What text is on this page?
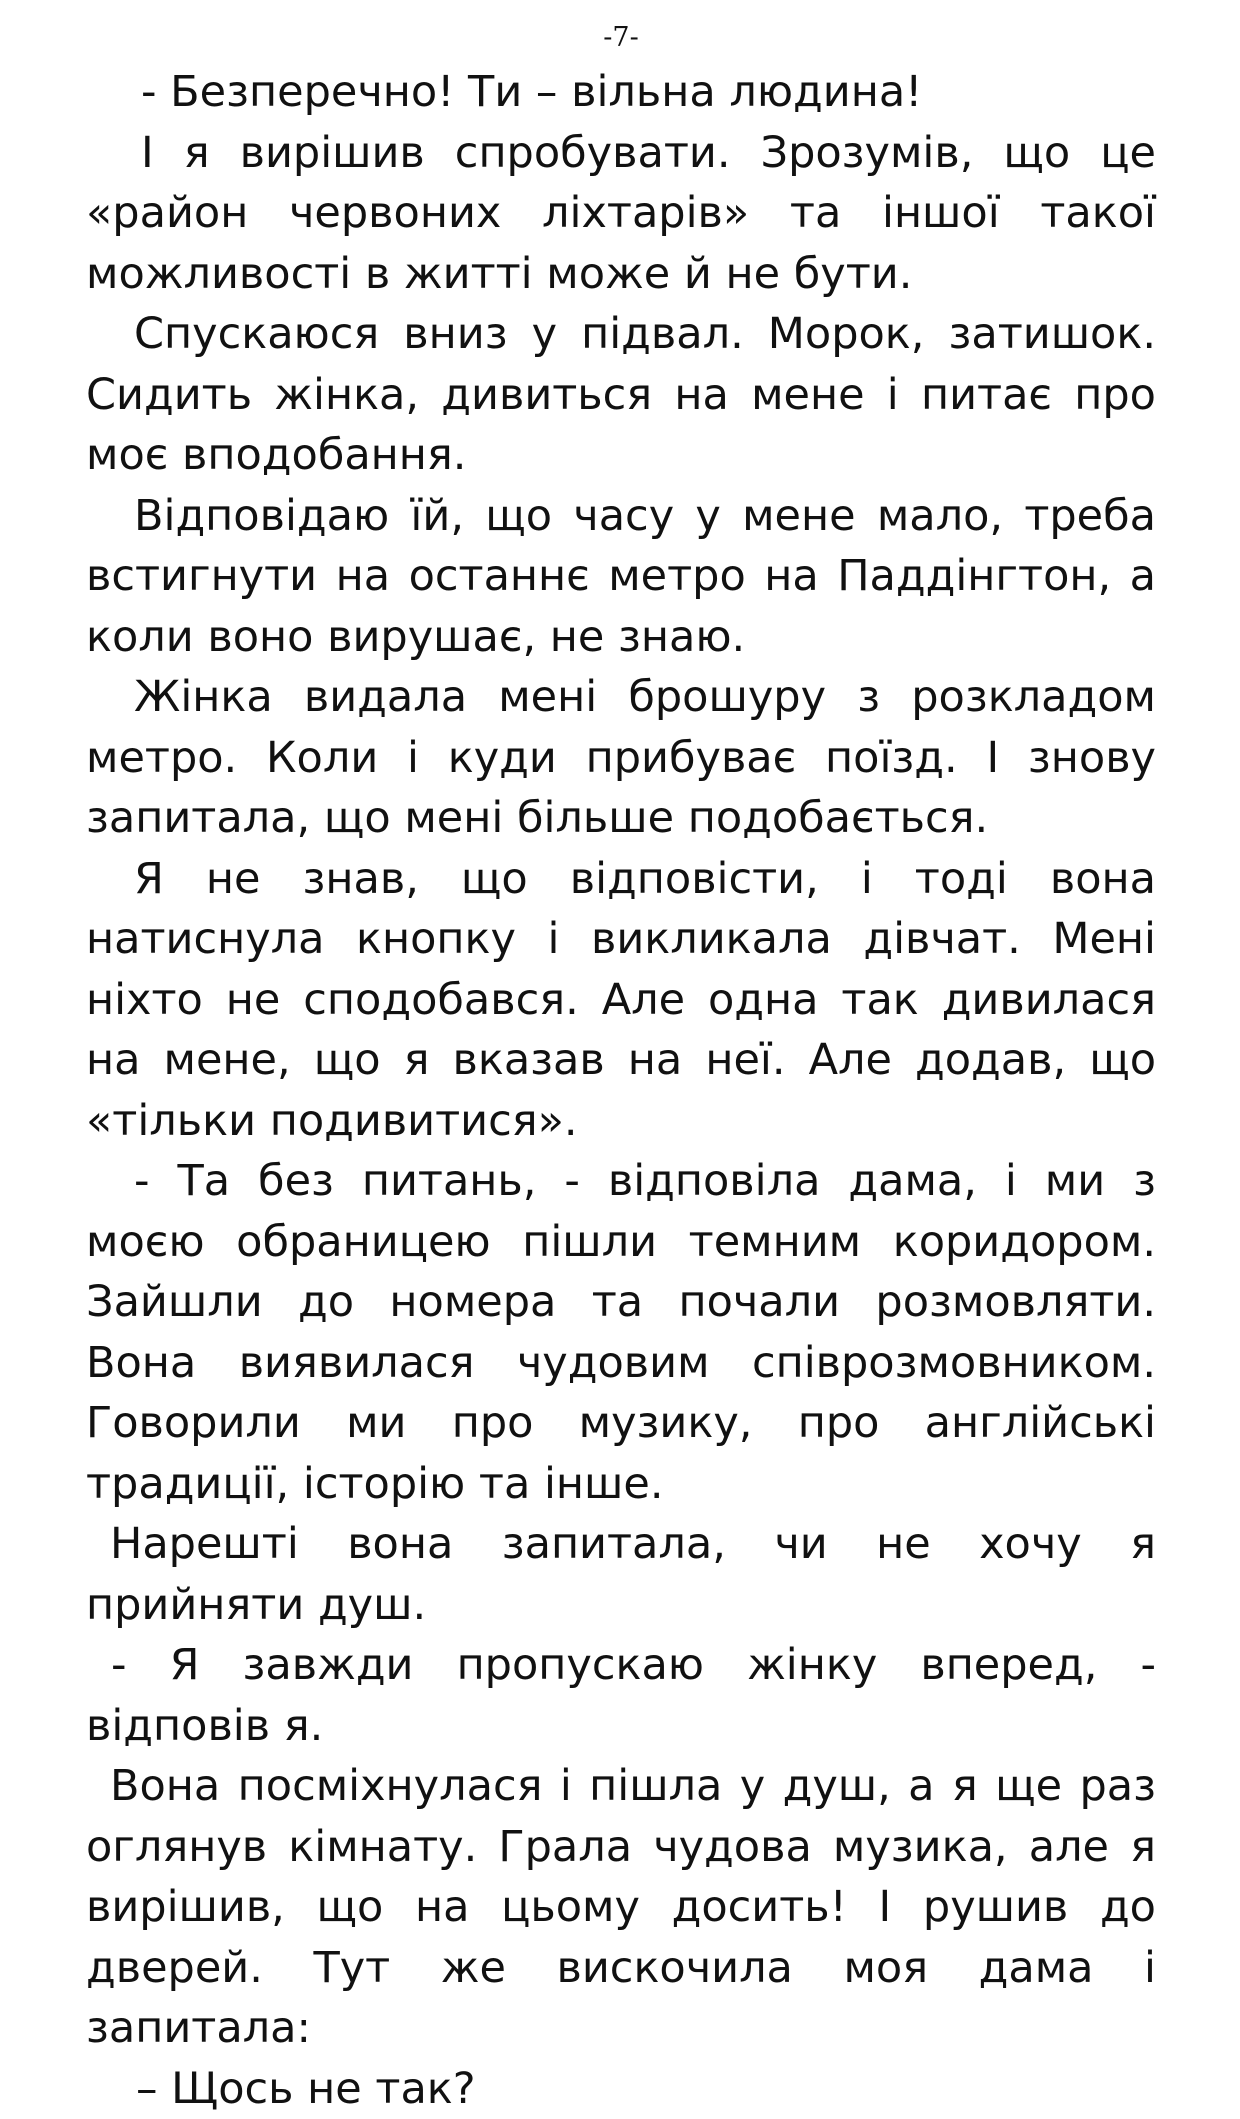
-7-

- Безперечно! Ти – вільна людина!

І я вирішив спробувати. Зрозумів, що це «район червоних ліхтарів» та іншої такої можливості в житті може й не бути.

Спускаюся вниз у підвал. Морок, затишок. Сидить жінка, дивиться на мене і питає про моє вподобання.

Відповідаю їй, що часу у мене мало, треба встигнути на останнє метро на Паддінгтон, а коли воно вирушає, не знаю.

Жінка видала мені брошуру з розкладом метро. Коли і куди прибуває поїзд. І знову запитала, що мені більше подобається.

Я не знав, що відповісти, і тоді вона натиснула кнопку і викликала дівчат. Мені ніхто не сподобався. Але одна так дивилася на мене, що я вказав на неї. Але додав, що «тільки подивитися».

- Та без питань, - відповіла дама, і ми з моєю обраницею пішли темним коридором. Зайшли до номера та почали розмовляти. Вона виявилася чудовим співрозмовником. Говорили ми про музику, про англійські традиції, історію та інше.

Нарешті вона запитала, чи не хочу я прийняти душ.

- Я завжди пропускаю жінку вперед, - відповів я.

Вона посміхнулася і пішла у душ, а я ще раз оглянув кімнату. Грала чудова музика, але я вирішив, що на цьому досить! І рушив до дверей. Тут же вискочила моя дама і запитала:

– Щось не так?
